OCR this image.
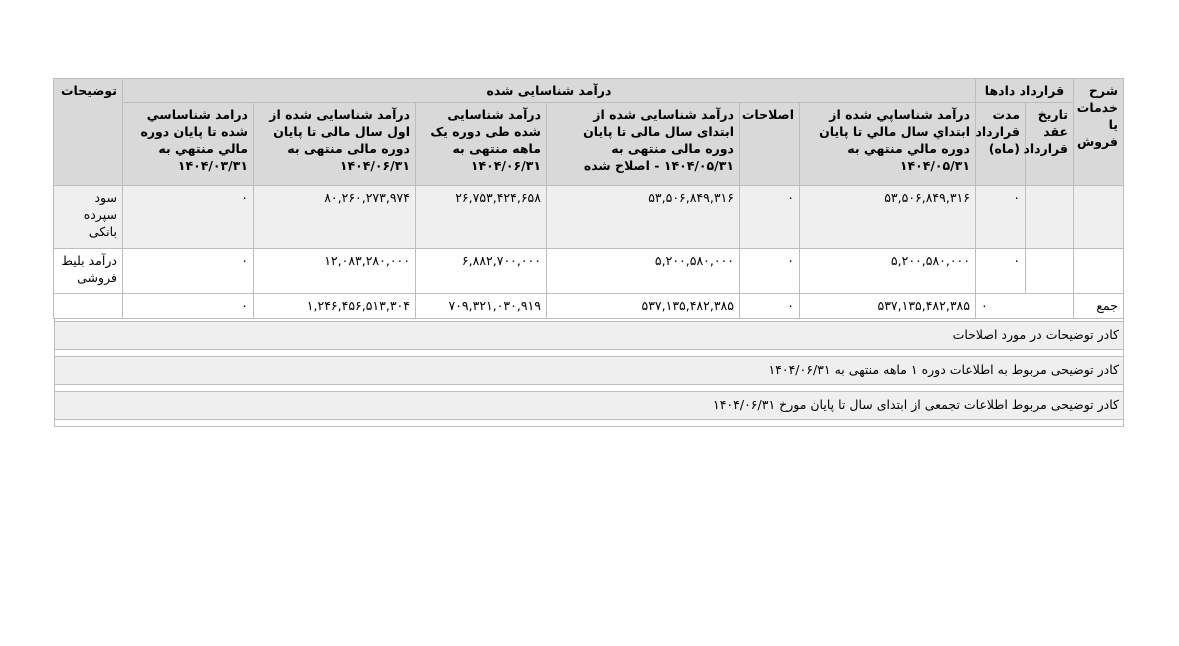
شرح خدمات یا فروش	قرارداد دادها		درآمد شناسایی شده						توضیحات
	تاریخ عقد قرارداد	مدت قرارداد (ماه)	درآمد شناساپي شده از ابتداي سال مالي تا پايان دوره مالي منتهي به ۱۴۰۴/۰۵/۳۱	اصلاحات	درآمد شناسایی شده از ابتدای سال مالی تا پایان دوره مالی منتهی به ۱۴۰۴/۰۵/۳۱ - اصلاح شده	درآمد شناسایی شده طی دوره یک ماهه منتهی به ۱۴۰۴/۰۶/۳۱	درآمد شناسایی شده از اول سال مالی تا پایان دوره مالی منتهی به ۱۴۰۴/۰۶/۳۱	درامد شناساسي شده تا پايان دوره مالي منتهي به ۱۴۰۴/۰۳/۳۱	
		۰	۵۳,۵۰۶,۸۴۹,۳۱۶	۰	۵۳,۵۰۶,۸۴۹,۳۱۶	۲۶,۷۵۳,۴۲۴,۶۵۸	۸۰,۲۶۰,۲۷۳,۹۷۴	۰	سود سپرده بانکی
		۰	۵,۲۰۰,۵۸۰,۰۰۰	۰	۵,۲۰۰,۵۸۰,۰۰۰	۶,۸۸۲,۷۰۰,۰۰۰	۱۲,۰۸۳,۲۸۰,۰۰۰	۰	درآمد بلیط فروشی
جمع	۰		۵۳۷,۱۳۵,۴۸۲,۳۸۵	۰	۵۳۷,۱۳۵,۴۸۲,۳۸۵	۷۰۹,۳۲۱,۰۳۰,۹۱۹	۱,۲۴۶,۴۵۶,۵۱۳,۳۰۴	۰	
کادر توضیحات در مورد اصلاحات
کادر توضیحی مربوط به اطلاعات دوره ۱ ماهه منتهی به ۱۴۰۴/۰۶/۳۱
کادر توضیحی مربوط اطلاعات تجمعی از ابتدای سال تا پایان مورخ ۱۴۰۴/۰۶/۳۱
